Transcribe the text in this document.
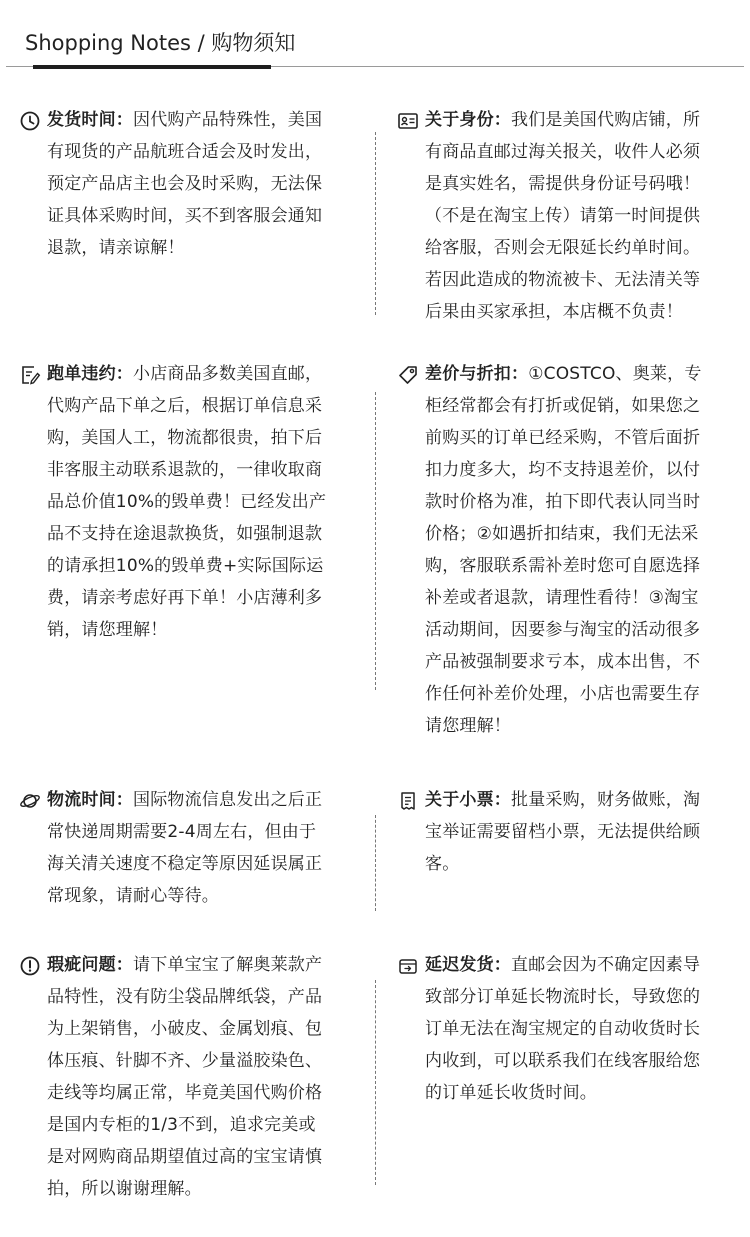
Shopping Notes / 购物须知
发货时间：因代购产品特殊性，美国
有现货的产品航班合适会及时发出，
预定产品店主也会及时采购，无法保
证具体采购时间，买不到客服会通知
退款，请亲谅解！
关于身份：我们是美国代购店铺，所
有商品直邮过海关报关，收件人必须
是真实姓名，需提供身份证号码哦！
（不是在淘宝上传）请第一时间提供
给客服，否则会无限延长约单时间。
若因此造成的物流被卡、无法清关等
后果由买家承担，本店概不负责！
跑单违约：小店商品多数美国直邮，
代购产品下单之后，根据订单信息采
购，美国人工，物流都很贵，拍下后
非客服主动联系退款的，一律收取商
品总价值10%的毁单费！已经发出产
品不支持在途退款换货，如强制退款
的请承担10%的毁单费+实际国际运
费，请亲考虑好再下单！小店薄利多
销，请您理解！
差价与折扣：①COSTCO、奥莱，专
柜经常都会有打折或促销，如果您之
前购买的订单已经采购，不管后面折
扣力度多大，均不支持退差价，以付
款时价格为准，拍下即代表认同当时
价格；②如遇折扣结束，我们无法采
购，客服联系需补差时您可自愿选择
补差或者退款，请理性看待！③淘宝
活动期间，因要参与淘宝的活动很多
产品被强制要求亏本，成本出售，不
作任何补差价处理，小店也需要生存
请您理解！
物流时间：国际物流信息发出之后正
常快递周期需要2-4周左右，但由于
海关清关速度不稳定等原因延误属正
常现象，请耐心等待。
关于小票：批量采购，财务做账，淘
宝举证需要留档小票，无法提供给顾
客。
瑕疵问题：请下单宝宝了解奥莱款产
品特性，没有防尘袋品牌纸袋，产品
为上架销售，小破皮、金属划痕、包
体压痕、针脚不齐、少量溢胶染色、
走线等均属正常，毕竟美国代购价格
是国内专柜的1/3不到，追求完美或
是对网购商品期望值过高的宝宝请慎
拍，所以谢谢理解。
延迟发货：直邮会因为不确定因素导
致部分订单延长物流时长，导致您的
订单无法在淘宝规定的自动收货时长
内收到，可以联系我们在线客服给您
的订单延长收货时间。
